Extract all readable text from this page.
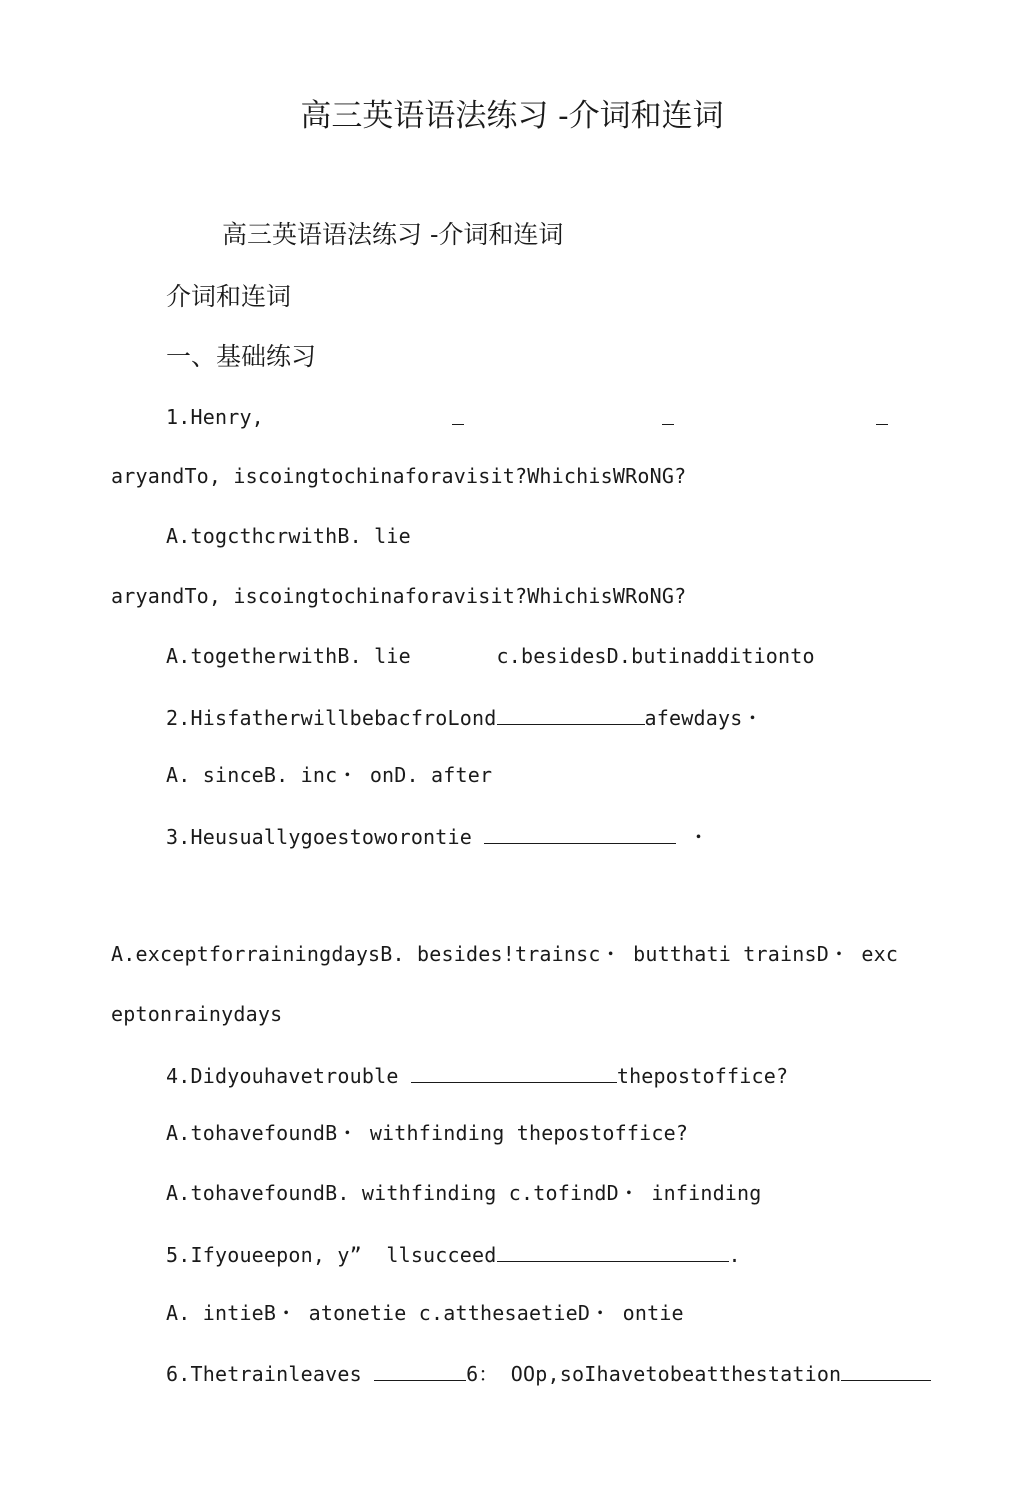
高三英语语法练习 -介词和连词
高三英语语法练习 -介词和连词
介词和连词
一、基础练习
1.Henry,
aryandTo, iscoingtochinaforavisit?WhichisWRoNG?
A.togcthcrwithB. lie
aryandTo, iscoingtochinaforavisit?WhichisWRoNG?
A.togetherwithB. lie       c.besidesD.butinadditionto
2.HisfatherwillbebacfroLond	afewdays・
A. sinceB. inc・ onD. after
3.Heusuallygoestoworontie	・
A.exceptforrainingdaysB. besides!trainsc・ butthati trainsD・ exc
eptonrainydays
4.Didyouhavetrouble	thepostoffice?
A.tohavefoundB・ withfinding thepostoffice?
A.tohavefoundB. withfinding c.tofindD・ infinding
5.Ifyoueepon, y”  llsucceed	.
A. intieB・ atonetie c.atthesaetieD・ ontie
6.Thetrainleaves	6： OOp,soIhavetobeatthestation
